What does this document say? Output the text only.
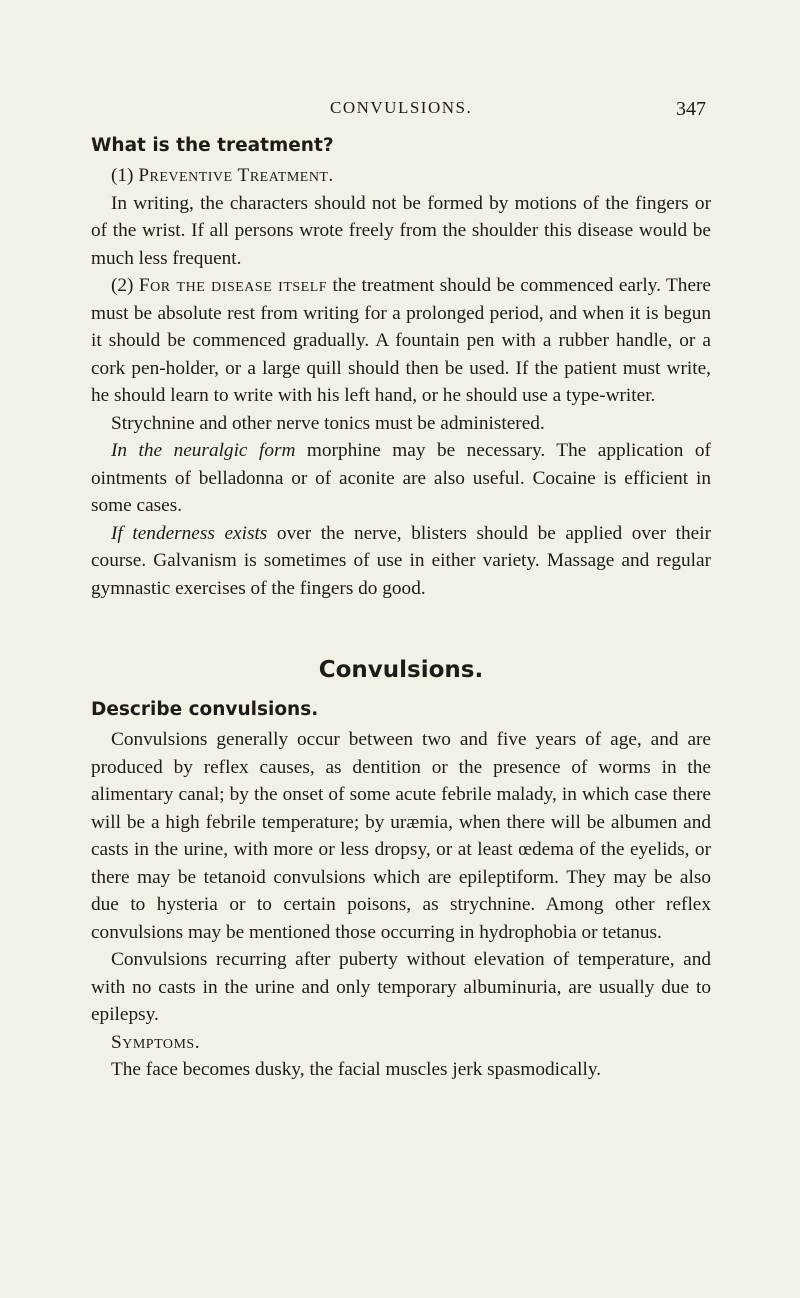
CONVULSIONS.	347

What is the treatment?

(1) Preventive Treatment.

In writing, the characters should not be formed by motions of the fingers or of the wrist. If all persons wrote freely from the shoulder this disease would be much less frequent.

(2) For the disease itself the treatment should be commenced early. There must be absolute rest from writing for a prolonged period, and when it is begun it should be commenced gradually. A fountain pen with a rubber handle, or a cork pen-holder, or a large quill should then be used. If the patient must write, he should learn to write with his left hand, or he should use a type-writer.

Strychnine and other nerve tonics must be administered.

In the neuralgic form morphine may be necessary. The application of ointments of belladonna or of aconite are also useful. Cocaine is efficient in some cases.

If tenderness exists over the nerve, blisters should be applied over their course. Galvanism is sometimes of use in either variety. Massage and regular gymnastic exercises of the fingers do good.

Convulsions.

Describe convulsions.

Convulsions generally occur between two and five years of age, and are produced by reflex causes, as dentition or the presence of worms in the alimentary canal; by the onset of some acute febrile malady, in which case there will be a high febrile temperature; by uræmia, when there will be albumen and casts in the urine, with more or less dropsy, or at least œdema of the eyelids, or there may be tetanoid convulsions which are epileptiform. They may be also due to hysteria or to certain poisons, as strychnine. Among other reflex convulsions may be mentioned those occurring in hydrophobia or tetanus.

Convulsions recurring after puberty without elevation of temperature, and with no casts in the urine and only temporary albuminuria, are usually due to epilepsy.

Symptoms.

The face becomes dusky, the facial muscles jerk spasmodically.
